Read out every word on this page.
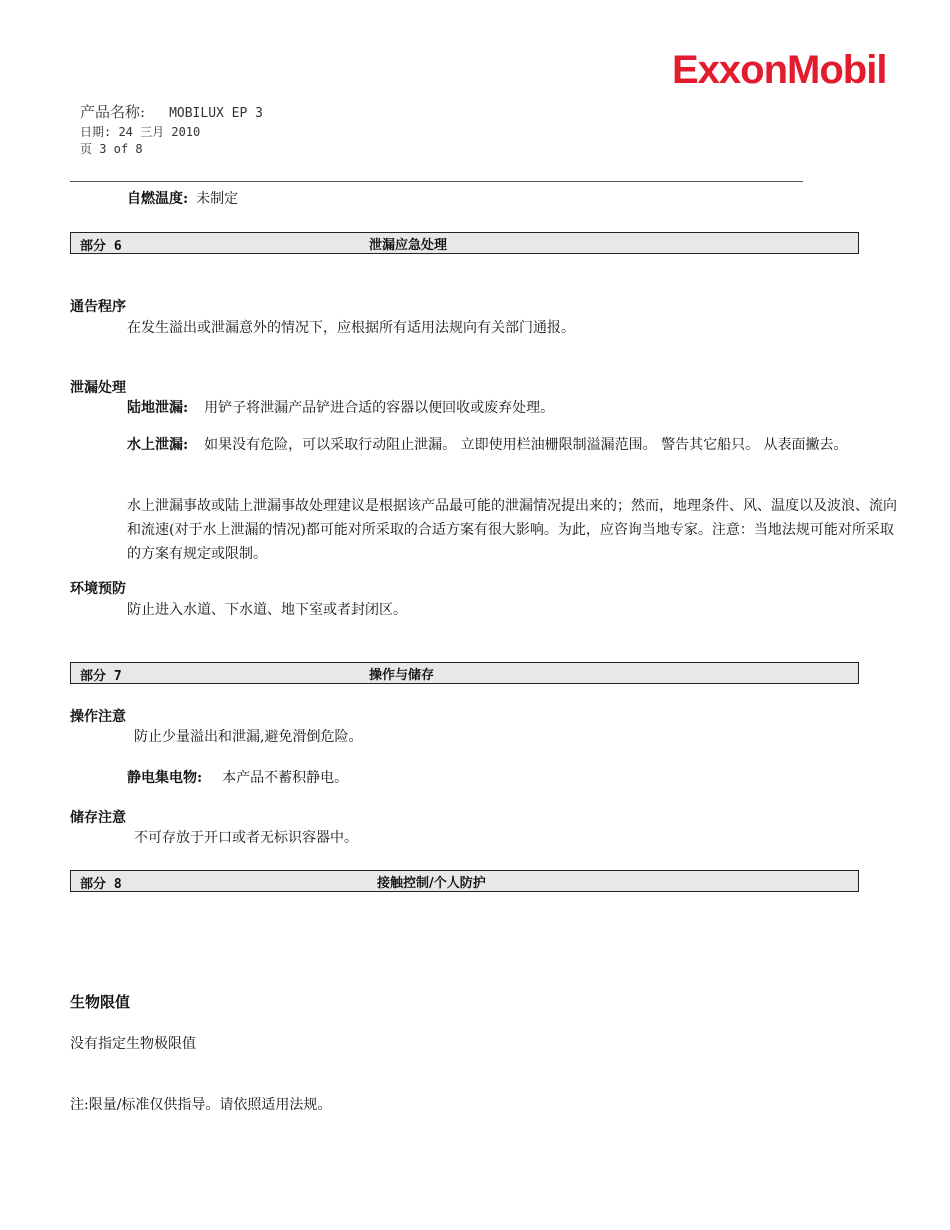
ExxonMobil
产品名称: MOBILUX EP 3
日期: 24 三月 2010
页 3 of 8
自燃温度: 未制定
部分 6	泄漏应急处理
通告程序
在发生溢出或泄漏意外的情况下，应根据所有适用法规向有关部门通报。
泄漏处理
陆地泄漏: 用铲子将泄漏产品铲进合适的容器以便回收或废弃处理。
水上泄漏: 如果没有危险，可以采取行动阻止泄漏。 立即使用栏油栅限制溢漏范围。 警告其它船只。 从表面撇去。
水上泄漏事故或陆上泄漏事故处理建议是根据该产品最可能的泄漏情况提出来的；然而，地理条件、风、温度以及波浪、流向和流速(对于水上泄漏的情况)都可能对所采取的合适方案有很大影响。为此，应咨询当地专家。注意：当地法规可能对所采取的方案有规定或限制。
环境预防
防止进入水道、下水道、地下室或者封闭区。
部分 7	操作与储存
操作注意
防止少量溢出和泄漏,避免滑倒危险。
静电集电物: 本产品不蓄积静电。
储存注意
不可存放于开口或者无标识容器中。
部分 8	接触控制/个人防护
生物限值
没有指定生物极限值
注:限量/标准仅供指导。请依照适用法规。
